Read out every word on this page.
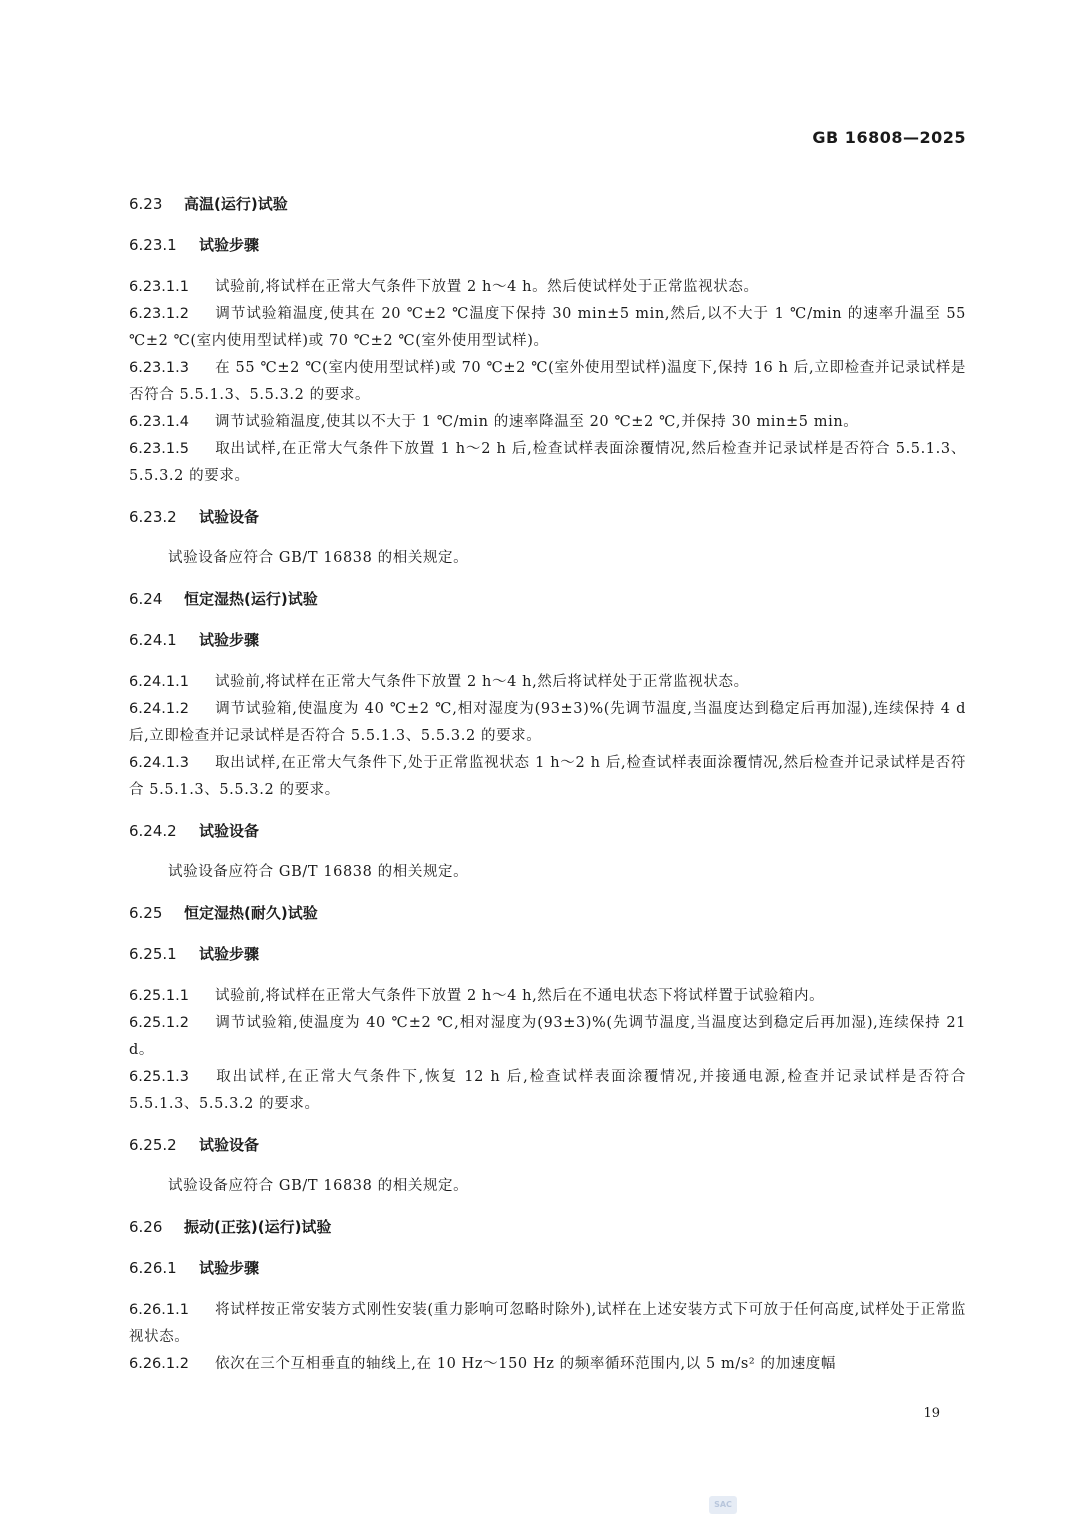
GB 16808—2025
6.23 高温(运行)试验
6.23.1 试验步骤
6.23.1.1 试验前,将试样在正常大气条件下放置 2 h～4 h。然后使试样处于正常监视状态。
6.23.1.2 调节试验箱温度,使其在 20 ℃±2 ℃温度下保持 30 min±5 min,然后,以不大于 1 ℃/min 的速率升温至 55 ℃±2 ℃(室内使用型试样)或 70 ℃±2 ℃(室外使用型试样)。
6.23.1.3 在 55 ℃±2 ℃(室内使用型试样)或 70 ℃±2 ℃(室外使用型试样)温度下,保持 16 h 后,立即检查并记录试样是否符合 5.5.1.3、5.5.3.2 的要求。
6.23.1.4 调节试验箱温度,使其以不大于 1 ℃/min 的速率降温至 20 ℃±2 ℃,并保持 30 min±5 min。
6.23.1.5 取出试样,在正常大气条件下放置 1 h～2 h 后,检查试样表面涂覆情况,然后检查并记录试样是否符合 5.5.1.3、5.5.3.2 的要求。
6.23.2 试验设备
试验设备应符合 GB/T 16838 的相关规定。
6.24 恒定湿热(运行)试验
6.24.1 试验步骤
6.24.1.1 试验前,将试样在正常大气条件下放置 2 h～4 h,然后将试样处于正常监视状态。
6.24.1.2 调节试验箱,使温度为 40 ℃±2 ℃,相对湿度为(93±3)%(先调节温度,当温度达到稳定后再加湿),连续保持 4 d 后,立即检查并记录试样是否符合 5.5.1.3、5.5.3.2 的要求。
6.24.1.3 取出试样,在正常大气条件下,处于正常监视状态 1 h～2 h 后,检查试样表面涂覆情况,然后检查并记录试样是否符合 5.5.1.3、5.5.3.2 的要求。
6.24.2 试验设备
试验设备应符合 GB/T 16838 的相关规定。
6.25 恒定湿热(耐久)试验
6.25.1 试验步骤
6.25.1.1 试验前,将试样在正常大气条件下放置 2 h～4 h,然后在不通电状态下将试样置于试验箱内。
6.25.1.2 调节试验箱,使温度为 40 ℃±2 ℃,相对湿度为(93±3)%(先调节温度,当温度达到稳定后再加湿),连续保持 21 d。
6.25.1.3 取出试样,在正常大气条件下,恢复 12 h 后,检查试样表面涂覆情况,并接通电源,检查并记录试样是否符合 5.5.1.3、5.5.3.2 的要求。
6.25.2 试验设备
试验设备应符合 GB/T 16838 的相关规定。
6.26 振动(正弦)(运行)试验
6.26.1 试验步骤
6.26.1.1 将试样按正常安装方式刚性安装(重力影响可忽略时除外),试样在上述安装方式下可放于任何高度,试样处于正常监视状态。
6.26.1.2 依次在三个互相垂直的轴线上,在 10 Hz～150 Hz 的频率循环范围内,以 5 m/s² 的加速度幅
19
SAC
